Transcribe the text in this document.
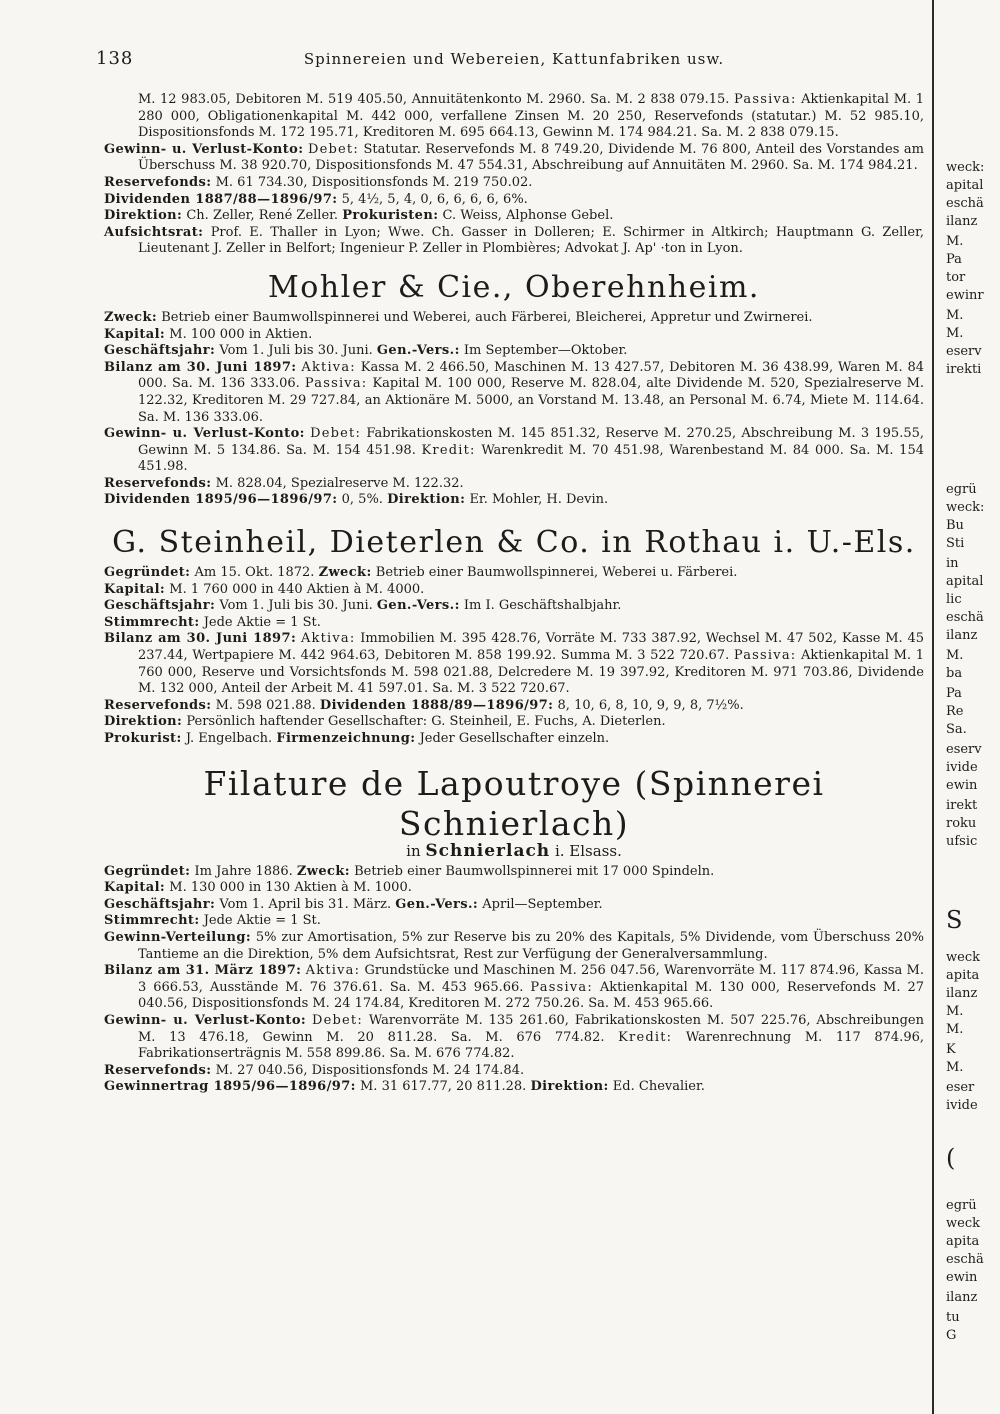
weck:
apital
eschä
ilanz
M.
Pa
tor
ewinr
M.
M.
eserv
irekti
egrü
weck:
Bu
Sti
in
apital
lic
eschä
ilanz
M.
ba
Pa
Re
Sa.
eserv
ivide
ewin
irekt
roku
ufsic
S
weck
apita
ilanz
M.
M.
K
M.
eser
ivide
(
egrü
weck
apita
eschä
ewin
ilanz
tu
G
138	Spinnereien und Webereien, Kattunfabriken usw.

M. 12 983.05, Debitoren M. 519 405.50, Annuitätenkonto M. 2960. Sa. M. 2 838 079.15. Passiva: Aktienkapital M. 1 280 000, Obligationenkapital M. 442 000, verfallene Zinsen M. 20 250, Reservefonds (statutar.) M. 52 985.10, Dispositionsfonds M. 172 195.71, Kreditoren M. 695 664.13, Gewinn M. 174 984.21. Sa. M. 2 838 079.15.

Gewinn- u. Verlust-Konto: Debet: Statutar. Reservefonds M. 8 749.20, Dividende M. 76 800, Anteil des Vorstandes am Überschuss M. 38 920.70, Dispositionsfonds M. 47 554.31, Abschreibung auf Annuitäten M. 2960. Sa. M. 174 984.21.

Reservefonds: M. 61 734.30, Dispositionsfonds M. 219 750.02.

Dividenden 1887/88—1896/97: 5, 4½, 5, 4, 0, 6, 6, 6, 6, 6%.

Direktion: Ch. Zeller, René Zeller. Prokuristen: C. Weiss, Alphonse Gebel.

Aufsichtsrat: Prof. E. Thaller in Lyon; Wwe. Ch. Gasser in Dolleren; E. Schirmer in Altkirch; Hauptmann G. Zeller, Lieutenant J. Zeller in Belfort; Ingenieur P. Zeller in Plombières; Advokat J. Ap' ·ton in Lyon.

Mohler & Cie., Oberehnheim.

Zweck: Betrieb einer Baumwollspinnerei und Weberei, auch Färberei, Bleicherei, Appretur und Zwirnerei.

Kapital: M. 100 000 in Aktien.

Geschäftsjahr: Vom 1. Juli bis 30. Juni. Gen.-Vers.: Im September—Oktober.

Bilanz am 30. Juni 1897: Aktiva: Kassa M. 2 466.50, Maschinen M. 13 427.57, Debitoren M. 36 438.99, Waren M. 84 000. Sa. M. 136 333.06. Passiva: Kapital M. 100 000, Reserve M. 828.04, alte Dividende M. 520, Spezialreserve M. 122.32, Kreditoren M. 29 727.84, an Aktionäre M. 5000, an Vorstand M. 13.48, an Personal M. 6.74, Miete M. 114.64. Sa. M. 136 333.06.

Gewinn- u. Verlust-Konto: Debet: Fabrikationskosten M. 145 851.32, Reserve M. 270.25, Abschreibung M. 3 195.55, Gewinn M. 5 134.86. Sa. M. 154 451.98. Kredit: Warenkredit M. 70 451.98, Warenbestand M. 84 000. Sa. M. 154 451.98.

Reservefonds: M. 828.04, Spezialreserve M. 122.32.

Dividenden 1895/96—1896/97: 0, 5%. Direktion: Er. Mohler, H. Devin.

G. Steinheil, Dieterlen & Co. in Rothau i. U.-Els.

Gegründet: Am 15. Okt. 1872. Zweck: Betrieb einer Baumwollspinnerei, Weberei u. Färberei.

Kapital: M. 1 760 000 in 440 Aktien à M. 4000.

Geschäftsjahr: Vom 1. Juli bis 30. Juni. Gen.-Vers.: Im I. Geschäftshalbjahr.

Stimmrecht: Jede Aktie = 1 St.

Bilanz am 30. Juni 1897: Aktiva: Immobilien M. 395 428.76, Vorräte M. 733 387.92, Wechsel M. 47 502, Kasse M. 45 237.44, Wertpapiere M. 442 964.63, Debitoren M. 858 199.92. Summa M. 3 522 720.67. Passiva: Aktienkapital M. 1 760 000, Reserve und Vorsichtsfonds M. 598 021.88, Delcredere M. 19 397.92, Kreditoren M. 971 703.86, Dividende M. 132 000, Anteil der Arbeit M. 41 597.01. Sa. M. 3 522 720.67.

Reservefonds: M. 598 021.88. Dividenden 1888/89—1896/97: 8, 10, 6, 8, 10, 9, 9, 8, 7½%.

Direktion: Persönlich haftender Gesellschafter: G. Steinheil, E. Fuchs, A. Dieterlen.

Prokurist: J. Engelbach. Firmenzeichnung: Jeder Gesellschafter einzeln.

Filature de Lapoutroye (Spinnerei Schnierlach)
in Schnierlach i. Elsass.

Gegründet: Im Jahre 1886. Zweck: Betrieb einer Baumwollspinnerei mit 17 000 Spindeln.

Kapital: M. 130 000 in 130 Aktien à M. 1000.

Geschäftsjahr: Vom 1. April bis 31. März. Gen.-Vers.: April—September.

Stimmrecht: Jede Aktie = 1 St.

Gewinn-Verteilung: 5% zur Amortisation, 5% zur Reserve bis zu 20% des Kapitals, 5% Dividende, vom Überschuss 20% Tantieme an die Direktion, 5% dem Aufsichtsrat, Rest zur Verfügung der Generalversammlung.

Bilanz am 31. März 1897: Aktiva: Grundstücke und Maschinen M. 256 047.56, Warenvorräte M. 117 874.96, Kassa M. 3 666.53, Ausstände M. 76 376.61. Sa. M. 453 965.66. Passiva: Aktienkapital M. 130 000, Reservefonds M. 27 040.56, Dispositionsfonds M. 24 174.84, Kreditoren M. 272 750.26. Sa. M. 453 965.66.

Gewinn- u. Verlust-Konto: Debet: Warenvorräte M. 135 261.60, Fabrikationskosten M. 507 225.76, Abschreibungen M. 13 476.18, Gewinn M. 20 811.28. Sa. M. 676 774.82. Kredit: Warenrechnung M. 117 874.96, Fabrikationserträgnis M. 558 899.86. Sa. M. 676 774.82.

Reservefonds: M. 27 040.56, Dispositionsfonds M. 24 174.84.

Gewinnertrag 1895/96—1896/97: M. 31 617.77, 20 811.28. Direktion: Ed. Chevalier.
